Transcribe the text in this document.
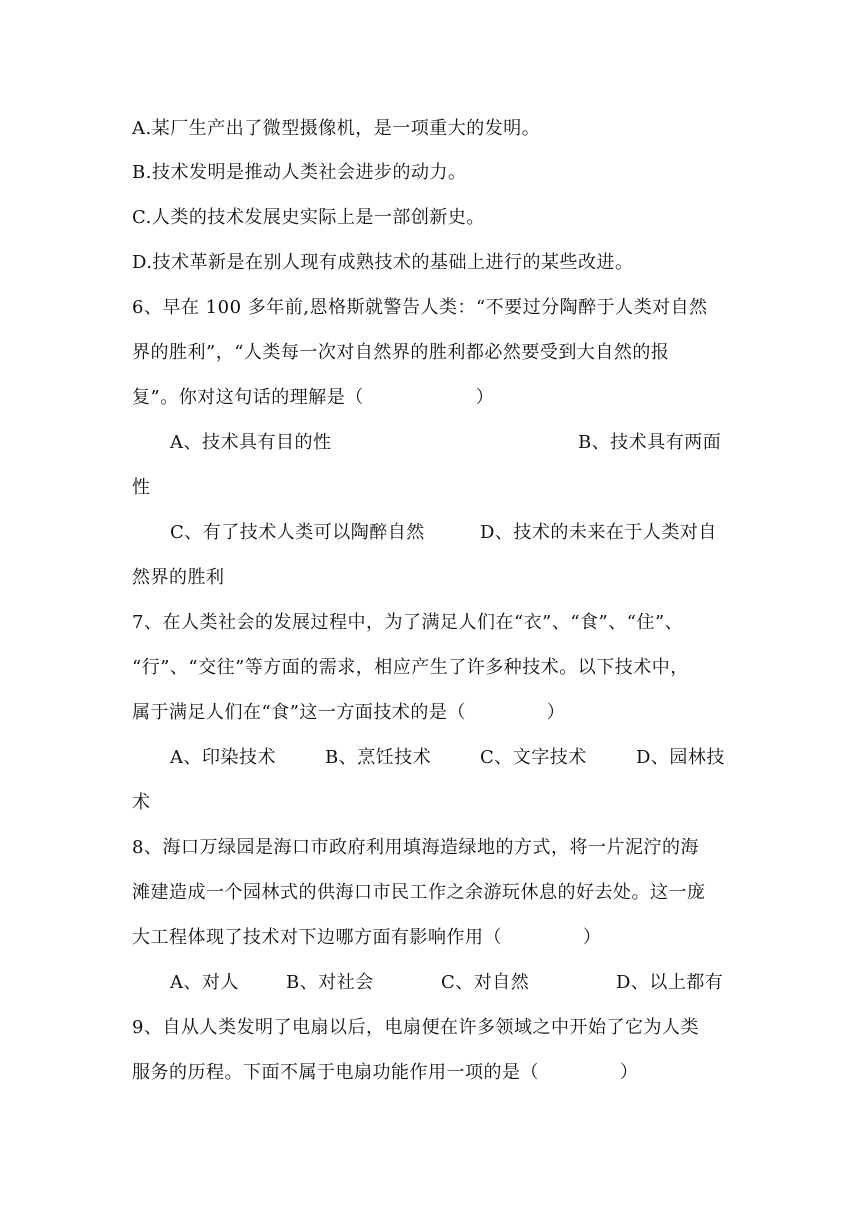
A.某厂生产出了微型摄像机，是一项重大的发明。
B.技术发明是推动人类社会进步的动力。
C.人类的技术发展史实际上是一部创新史。
D.技术革新是在别人现有成熟技术的基础上进行的某些改进。
6、早在 100 多年前,恩格斯就警告人类：“不要过分陶醉于人类对自然
界的胜利”，“人类每一次对自然界的胜利都必然要受到大自然的报
复”。你对这句话的理解是（                  ）
A、技术具有目的性	B、技术具有两面
性
C、有了技术人类可以陶醉自然	D、技术的未来在于人类对自
然界的胜利
7、在人类社会的发展过程中，为了满足人们在“衣”、“食”、“住”、
“行”、“交往”等方面的需求，相应产生了许多种技术。以下技术中，
属于满足人们在“食”这一方面技术的是（             ）
A、印染技术	B、烹饪技术	C、文字技术	D、园林技
术
8、海口万绿园是海口市政府利用填海造绿地的方式，将一片泥泞的海
滩建造成一个园林式的供海口市民工作之余游玩休息的好去处。这一庞
大工程体现了技术对下边哪方面有影响作用（             ）
A、对人	B、对社会	C、对自然	D、以上都有
9、自从人类发明了电扇以后，电扇便在许多领域之中开始了它为人类
服务的历程。下面不属于电扇功能作用一项的是（             ）
